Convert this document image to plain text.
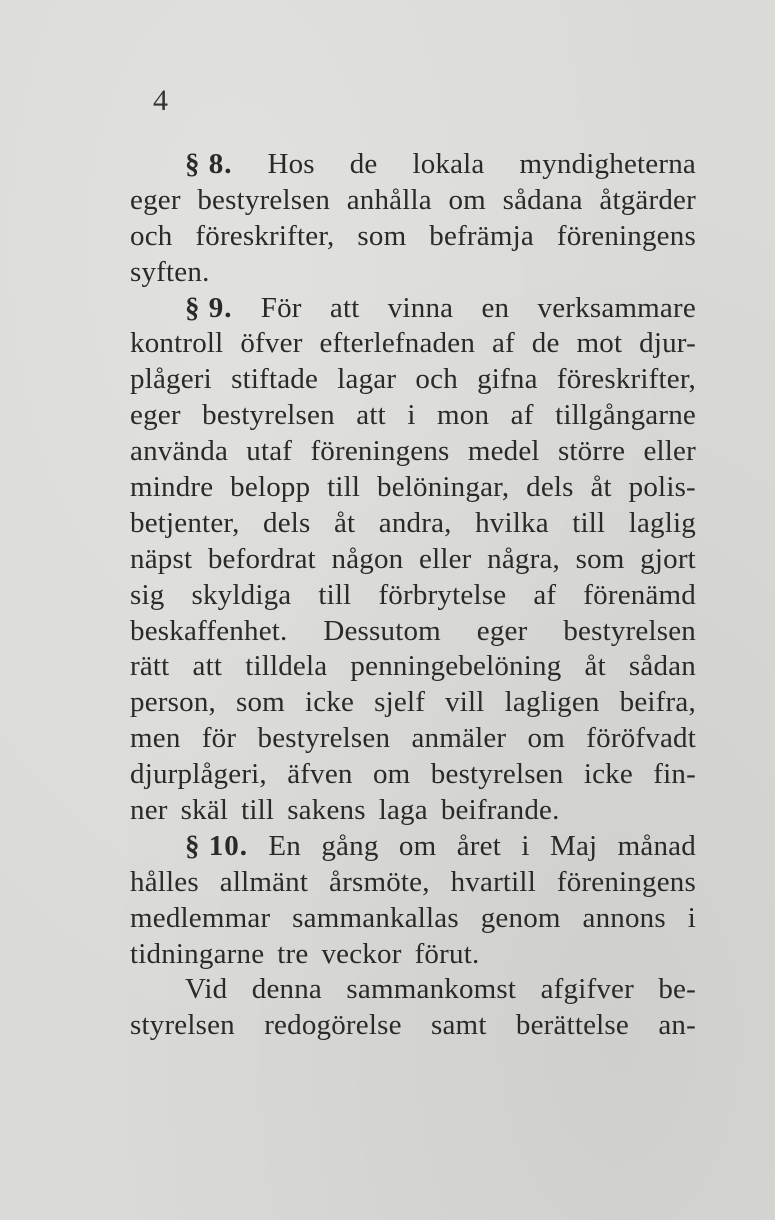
4
§ 8. Hos de lokala myndigheterna
eger bestyrelsen anhålla om sådana åtgärder
och föreskrifter, som befrämja föreningens
syften.
§ 9. För att vinna en verksammare
kontroll öfver efterlefnaden af de mot djur-
plågeri stiftade lagar och gifna föreskrifter,
eger bestyrelsen att i mon af tillgångarne
använda utaf föreningens medel större eller
mindre belopp till belöningar, dels åt polis-
betjenter, dels åt andra, hvilka till laglig
näpst befordrat någon eller några, som gjort
sig skyldiga till förbrytelse af förenämd
beskaffenhet. Dessutom eger bestyrelsen
rätt att tilldela penningebelöning åt sådan
person, som icke sjelf vill lagligen beifra,
men för bestyrelsen anmäler om föröfvadt
djurplågeri, äfven om bestyrelsen icke fin-
ner skäl till sakens laga beifrande.
§ 10. En gång om året i Maj månad
hålles allmänt årsmöte, hvartill föreningens
medlemmar sammankallas genom annons i
tidningarne tre veckor förut.
Vid denna sammankomst afgifver be-
styrelsen redogörelse samt berättelse an-
